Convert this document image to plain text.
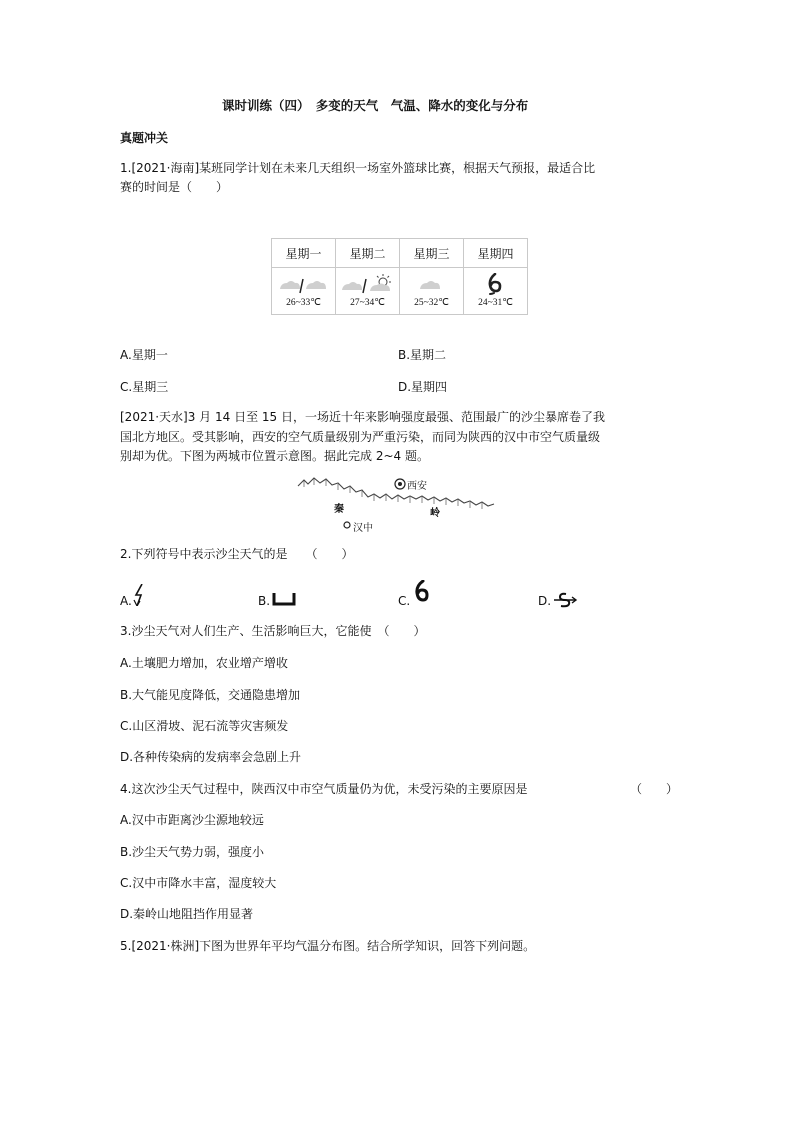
课时训练（四）　多变的天气　气温、降水的变化与分布
真题冲关
1.[2021·海南]某班同学计划在未来几天组织一场室外篮球比赛，根据天气预报，最适合比
赛的时间是（　　）
星期一	星期二	星期三	星期四

26~33℃	27~34℃	25~32℃	24~31℃
A.星期一	B.星期二
C.星期三	D.星期四
[2021·天水]3 月 14 日至 15 日，一场近十年来影响强度最强、范围最广的沙尘暴席卷了我
国北方地区。受其影响，西安的空气质量级别为严重污染，而同为陕西的汉中市空气质量级
别却为优。下图为两城市位置示意图。据此完成 2~4 题。
西安
汉中
秦	岭
2.下列符号中表示沙尘天气的是　　（　　）
A.	B.	C.	D.
3.沙尘天气对人们生产、生活影响巨大，它能使　（　　）
A.土壤肥力增加，农业增产增收
B.大气能见度降低，交通隐患增加
C.山区滑坡、泥石流等灾害频发
D.各种传染病的发病率会急剧上升
4.这次沙尘天气过程中，陕西汉中市空气质量仍为优，未受污染的主要原因是	（　　）
A.汉中市距离沙尘源地较远
B.沙尘天气势力弱，强度小
C.汉中市降水丰富，湿度较大
D.秦岭山地阻挡作用显著
5.[2021·株洲]下图为世界年平均气温分布图。结合所学知识，回答下列问题。
